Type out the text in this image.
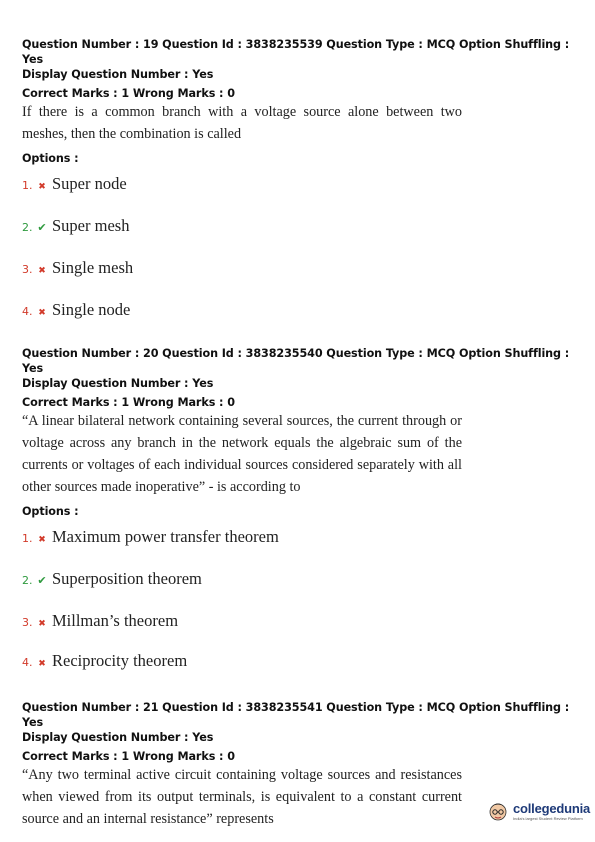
Question Number : 19 Question Id : 3838235539 Question Type : MCQ Option Shuffling : Yes

Display Question Number : Yes

Correct Marks : 1 Wrong Marks : 0

If there is a common branch with a voltage source alone between two meshes, then the combination is called

Options :

1. ✖ Super node
2. ✔ Super mesh
3. ✖ Single mesh
4. ✖ Single node

Question Number : 20 Question Id : 3838235540 Question Type : MCQ Option Shuffling : Yes

Display Question Number : Yes

Correct Marks : 1 Wrong Marks : 0

“A linear bilateral network containing several sources, the current through or voltage across any branch in the network equals the algebraic sum of the currents or voltages of each individual sources considered separately with all other sources made inoperative” - is according to

Options :

1. ✖ Maximum power transfer theorem
2. ✔ Superposition theorem
3. ✖ Millman’s theorem
4. ✖ Reciprocity theorem

Question Number : 21 Question Id : 3838235541 Question Type : MCQ Option Shuffling : Yes

Display Question Number : Yes

Correct Marks : 1 Wrong Marks : 0

“Any two terminal active circuit containing voltage sources and resistances when viewed from its output terminals, is equivalent to a constant current source and an internal resistance” represents

collegedunia
India's largest Student Review Platform
